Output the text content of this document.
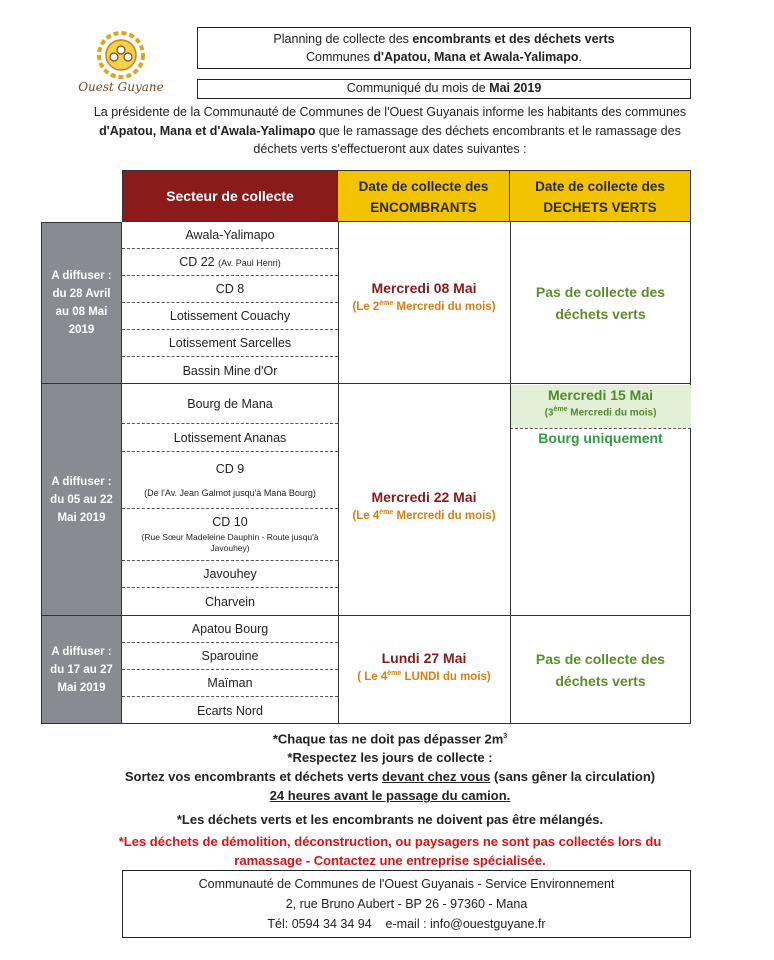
Ouest Guyane
Planning de collecte des encombrants et des déchets verts
Communes d'Apatou, Mana et Awala-Yalimapo.
Communiqué du mois de Mai 2019
La présidente de la Communauté de Communes de l'Ouest Guyanais informe les habitants des communes
d'Apatou, Mana et d'Awala-Yalimapo que le ramassage des déchets encombrants et le ramassage des
déchets verts s'effectueront aux dates suivantes :
Secteur de collecte
Date de collecte des
ENCOMBRANTS
Date de collecte des
DECHETS VERTS
A diffuser :
du 28 Avril
au 08 Mai
2019
Awala-Yalimapo
CD 22 (Av. Paul Henri)
CD 8
Lotissement Couachy
Lotissement Sarcelles
Bassin Mine d'Or
Mercredi 08 Mai
(Le 2ème Mercredi du mois)
Pas de collecte des
déchets verts
A diffuser :
du 05 au 22
Mai 2019
Mercredi 15 Mai
(3ème Mercredi du mois)
Bourg uniquement
Bourg de Mana
Lotissement Ananas
CD 9
(De l'Av. Jean Galmot jusqu'à Mana Bourg)
CD 10
(Rue Sœur Madeleine Dauphin - Route jusqu'à Javouhey)
Javouhey
Charvein
Mercredi 22 Mai
(Le 4ème Mercredi du mois)
A diffuser :
du 17 au 27
Mai 2019
Apatou Bourg
Sparouine
Maïman
Ecarts Nord
Lundi 27 Mai
( Le 4ème LUNDI du mois)
Pas de collecte des
déchets verts
*Chaque tas ne doit pas dépasser $2m^3$
*Respectez les jours de collecte :
Sortez vos encombrants et déchets verts devant chez vous (sans gêner la circulation)
24 heures avant le passage du camion.
*Les déchets verts et les encombrants ne doivent pas être mélangés.
*Les déchets de démolition, déconstruction, ou paysagers ne sont pas collectés lors du
ramassage - Contactez une entreprise spécialisée.
Communauté de Communes de l'Ouest Guyanais - Service Environnement
2, rue Bruno Aubert - BP 26 - 97360 - Mana
Tél: 0594 34 34 94    e-mail : info@ouestguyane.fr
